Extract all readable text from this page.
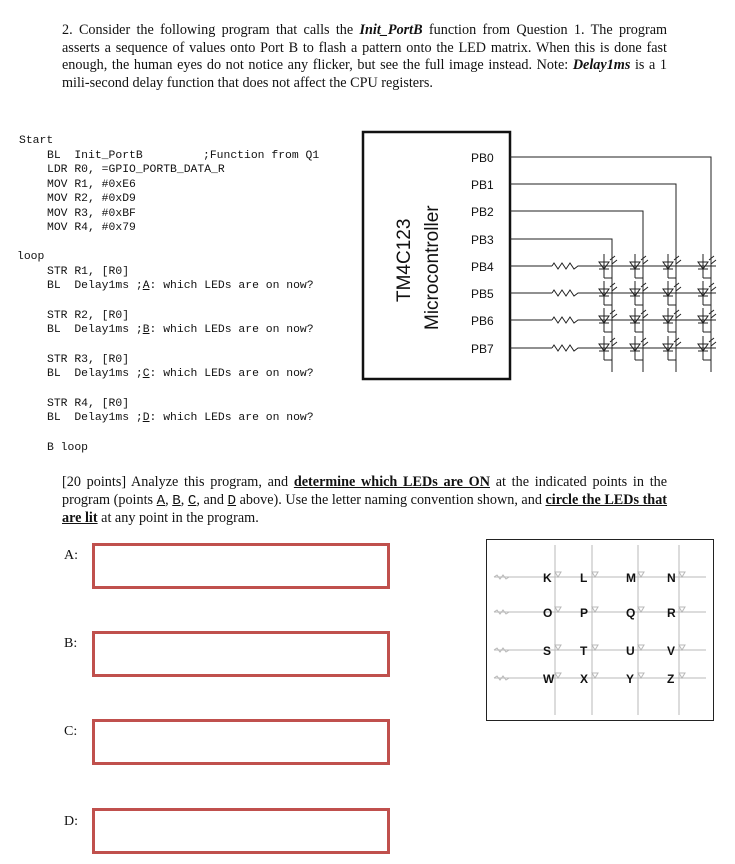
2. Consider the following program that calls the Init_PortB function from Question 1. The program asserts a sequence of values onto Port B to flash a pattern onto the LED matrix. When this is done fast enough, the human eyes do not notice any flicker, but see the full image instead. Note: Delay1ms is a 1 mili-second delay function that does not affect the CPU registers.
Start
BL  Init_PortB	;Function from Q1
LDR R0, =GPIO_PORTB_DATA_R
MOV R1, #0xE6
MOV R2, #0xD9
MOV R3, #0xBF
MOV R4, #0x79
loop
STR R1, [R0]
BL  Delay1ms ;A: which LEDs are on now?
STR R2, [R0]
BL  Delay1ms ;B: which LEDs are on now?
STR R3, [R0]
BL  Delay1ms ;C: which LEDs are on now?
STR R4, [R0]
BL  Delay1ms ;D: which LEDs are on now?
B loop
TM4C123 Microcontroller
PB0
PB1
PB2
PB3
PB4
PB5
PB6
PB7
[20 points] Analyze this program, and determine which LEDs are ON at the indicated points in the program (points A, B, C, and D above). Use the letter naming convention shown, and circle the LEDs that are lit at any point in the program.
A:
B:
C:
D:
K L	M	N
O P	Q	R
S T	U	V
W X	Y	Z
